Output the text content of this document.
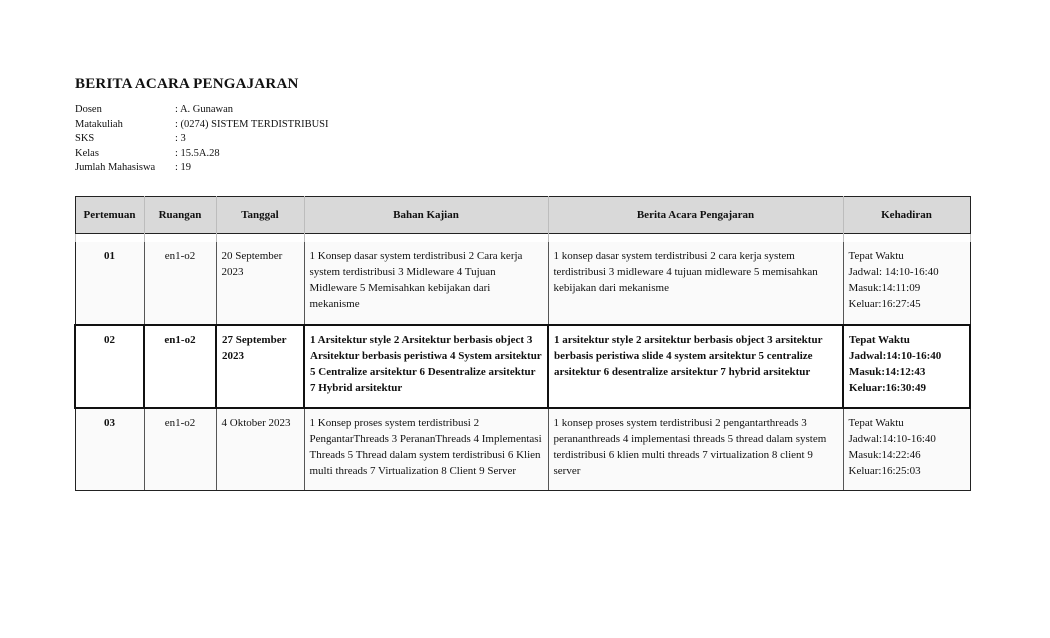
BERITA ACARA PENGAJARAN
Dosen	: A. Gunawan
Matakuliah	: (0274) SISTEM TERDISTRIBUSI
SKS	: 3
Kelas	: 15.5A.28
Jumlah Mahasiswa	: 19
Pertemuan	Ruangan	Tanggal	Bahan Kajian	Berita Acara Pengajaran	Kehadiran

01	en1-o2	20 September 2023	1 Konsep dasar system terdistribusi 2 Cara kerja system terdistribusi 3 Midleware 4 Tujuan Midleware 5 Memisahkan kebijakan dari mekanisme	1 konsep dasar system terdistribusi 2 cara kerja system terdistribusi 3 midleware 4 tujuan midleware 5 memisahkan kebijakan dari mekanisme	Tepat Waktu
Jadwal: 14:10-16:40
Masuk:14:11:09
Keluar:16:27:45

02	en1-o2	27 September 2023	1 Arsitektur style 2 Arsitektur berbasis object 3 Arsitektur berbasis peristiwa 4 System arsitektur 5 Centralize arsitektur 6 Desentralize arsitektur 7 Hybrid arsitektur	1 arsitektur style 2 arsitektur berbasis object 3 arsitektur berbasis peristiwa slide 4 system arsitektur 5 centralize arsitektur 6 desentralize arsitektur 7 hybrid arsitektur	Tepat Waktu
Jadwal:14:10-16:40
Masuk:14:12:43
Keluar:16:30:49

03	en1-o2	4 Oktober 2023	1 Konsep proses system terdistribusi 2 PengantarThreads 3 PerananThreads 4 Implementasi Threads 5 Thread dalam system terdistribusi 6 Klien multi threads 7 Virtualization 8 Client 9 Server	1 konsep proses system terdistribusi 2 pengantarthreads 3 perananthreads 4 implementasi threads 5 thread dalam system terdistribusi 6 klien multi threads 7 virtualization 8 client 9 server	Tepat Waktu
Jadwal:14:10-16:40
Masuk:14:22:46
Keluar:16:25:03
